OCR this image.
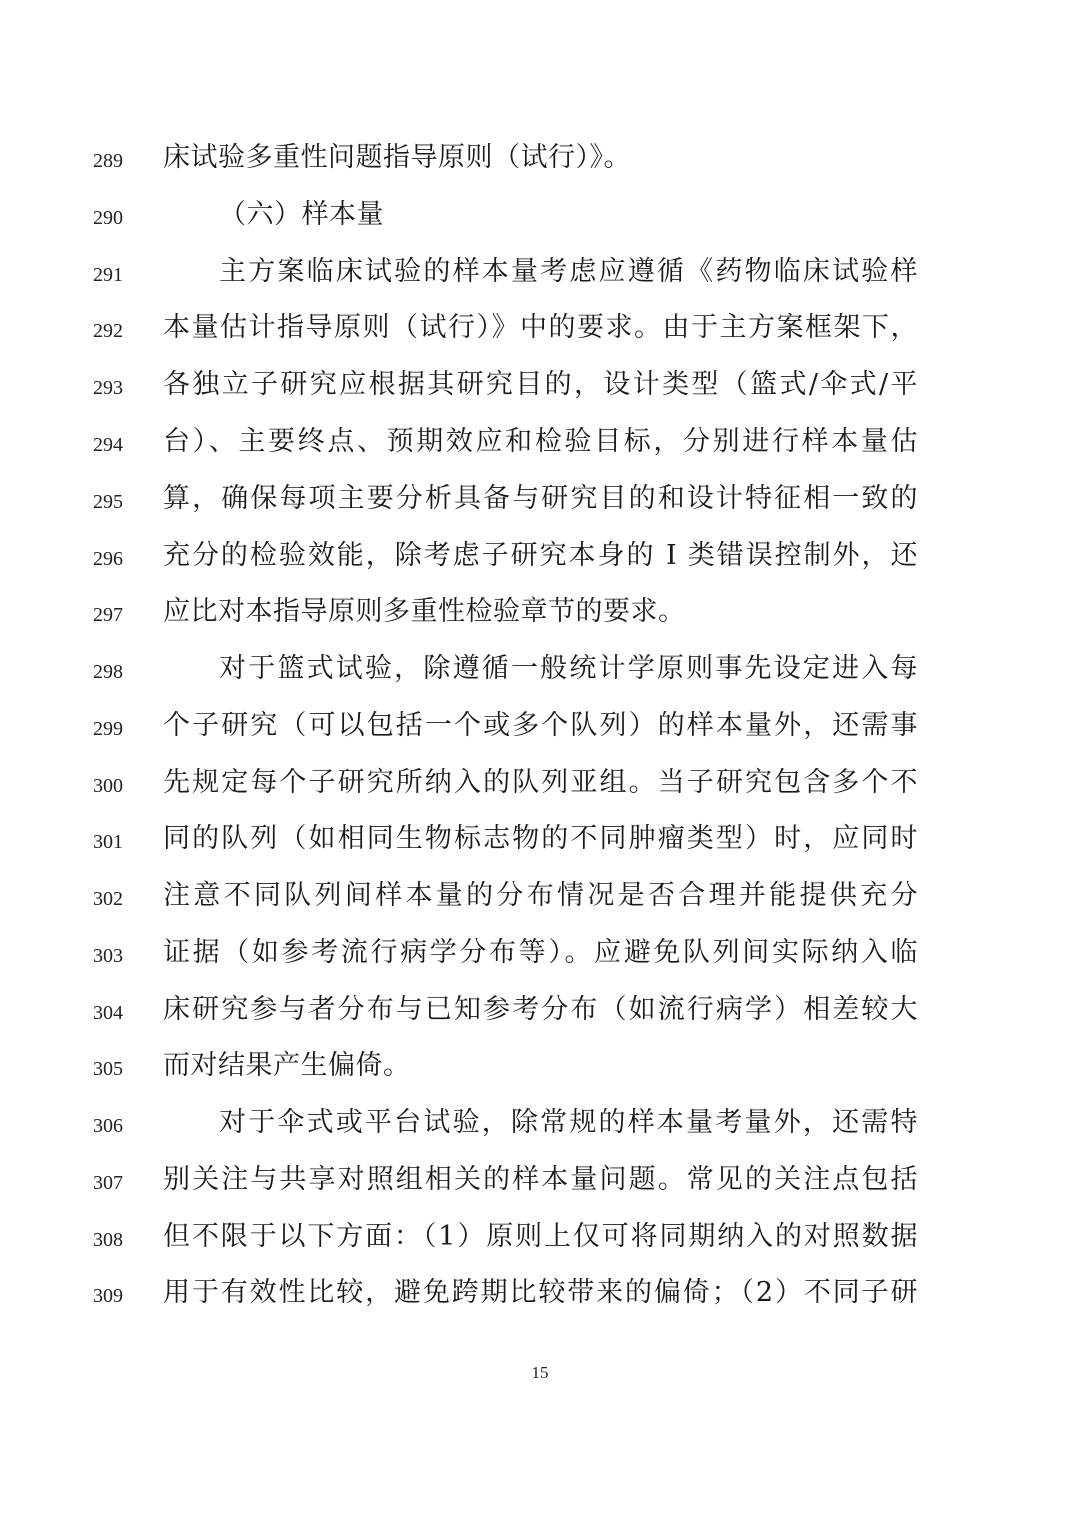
289	床试验多重性问题指导原则（试行）》。
290	（六）样本量
291	主方案临床试验的样本量考虑应遵循《药物临床试验样
292	本量估计指导原则（试行）》中的要求。由于主方案框架下，
293	各独立子研究应根据其研究目的，设计类型（篮式/伞式/平
294	台）、主要终点、预期效应和检验目标，分别进行样本量估
295	算，确保每项主要分析具备与研究目的和设计特征相一致的
296	充分的检验效能，除考虑子研究本身的 I 类错误控制外，还
297	应比对本指导原则多重性检验章节的要求。
298	对于篮式试验，除遵循一般统计学原则事先设定进入每
299	个子研究（可以包括一个或多个队列）的样本量外，还需事
300	先规定每个子研究所纳入的队列亚组。当子研究包含多个不
301	同的队列（如相同生物标志物的不同肿瘤类型）时，应同时
302	注意不同队列间样本量的分布情况是否合理并能提供充分
303	证据（如参考流行病学分布等）。应避免队列间实际纳入临
304	床研究参与者分布与已知参考分布（如流行病学）相差较大
305	而对结果产生偏倚。
306	对于伞式或平台试验，除常规的样本量考量外，还需特
307	别关注与共享对照组相关的样本量问题。常见的关注点包括
308	但不限于以下方面：（1）原则上仅可将同期纳入的对照数据
309	用于有效性比较，避免跨期比较带来的偏倚；（2）不同子研
15
